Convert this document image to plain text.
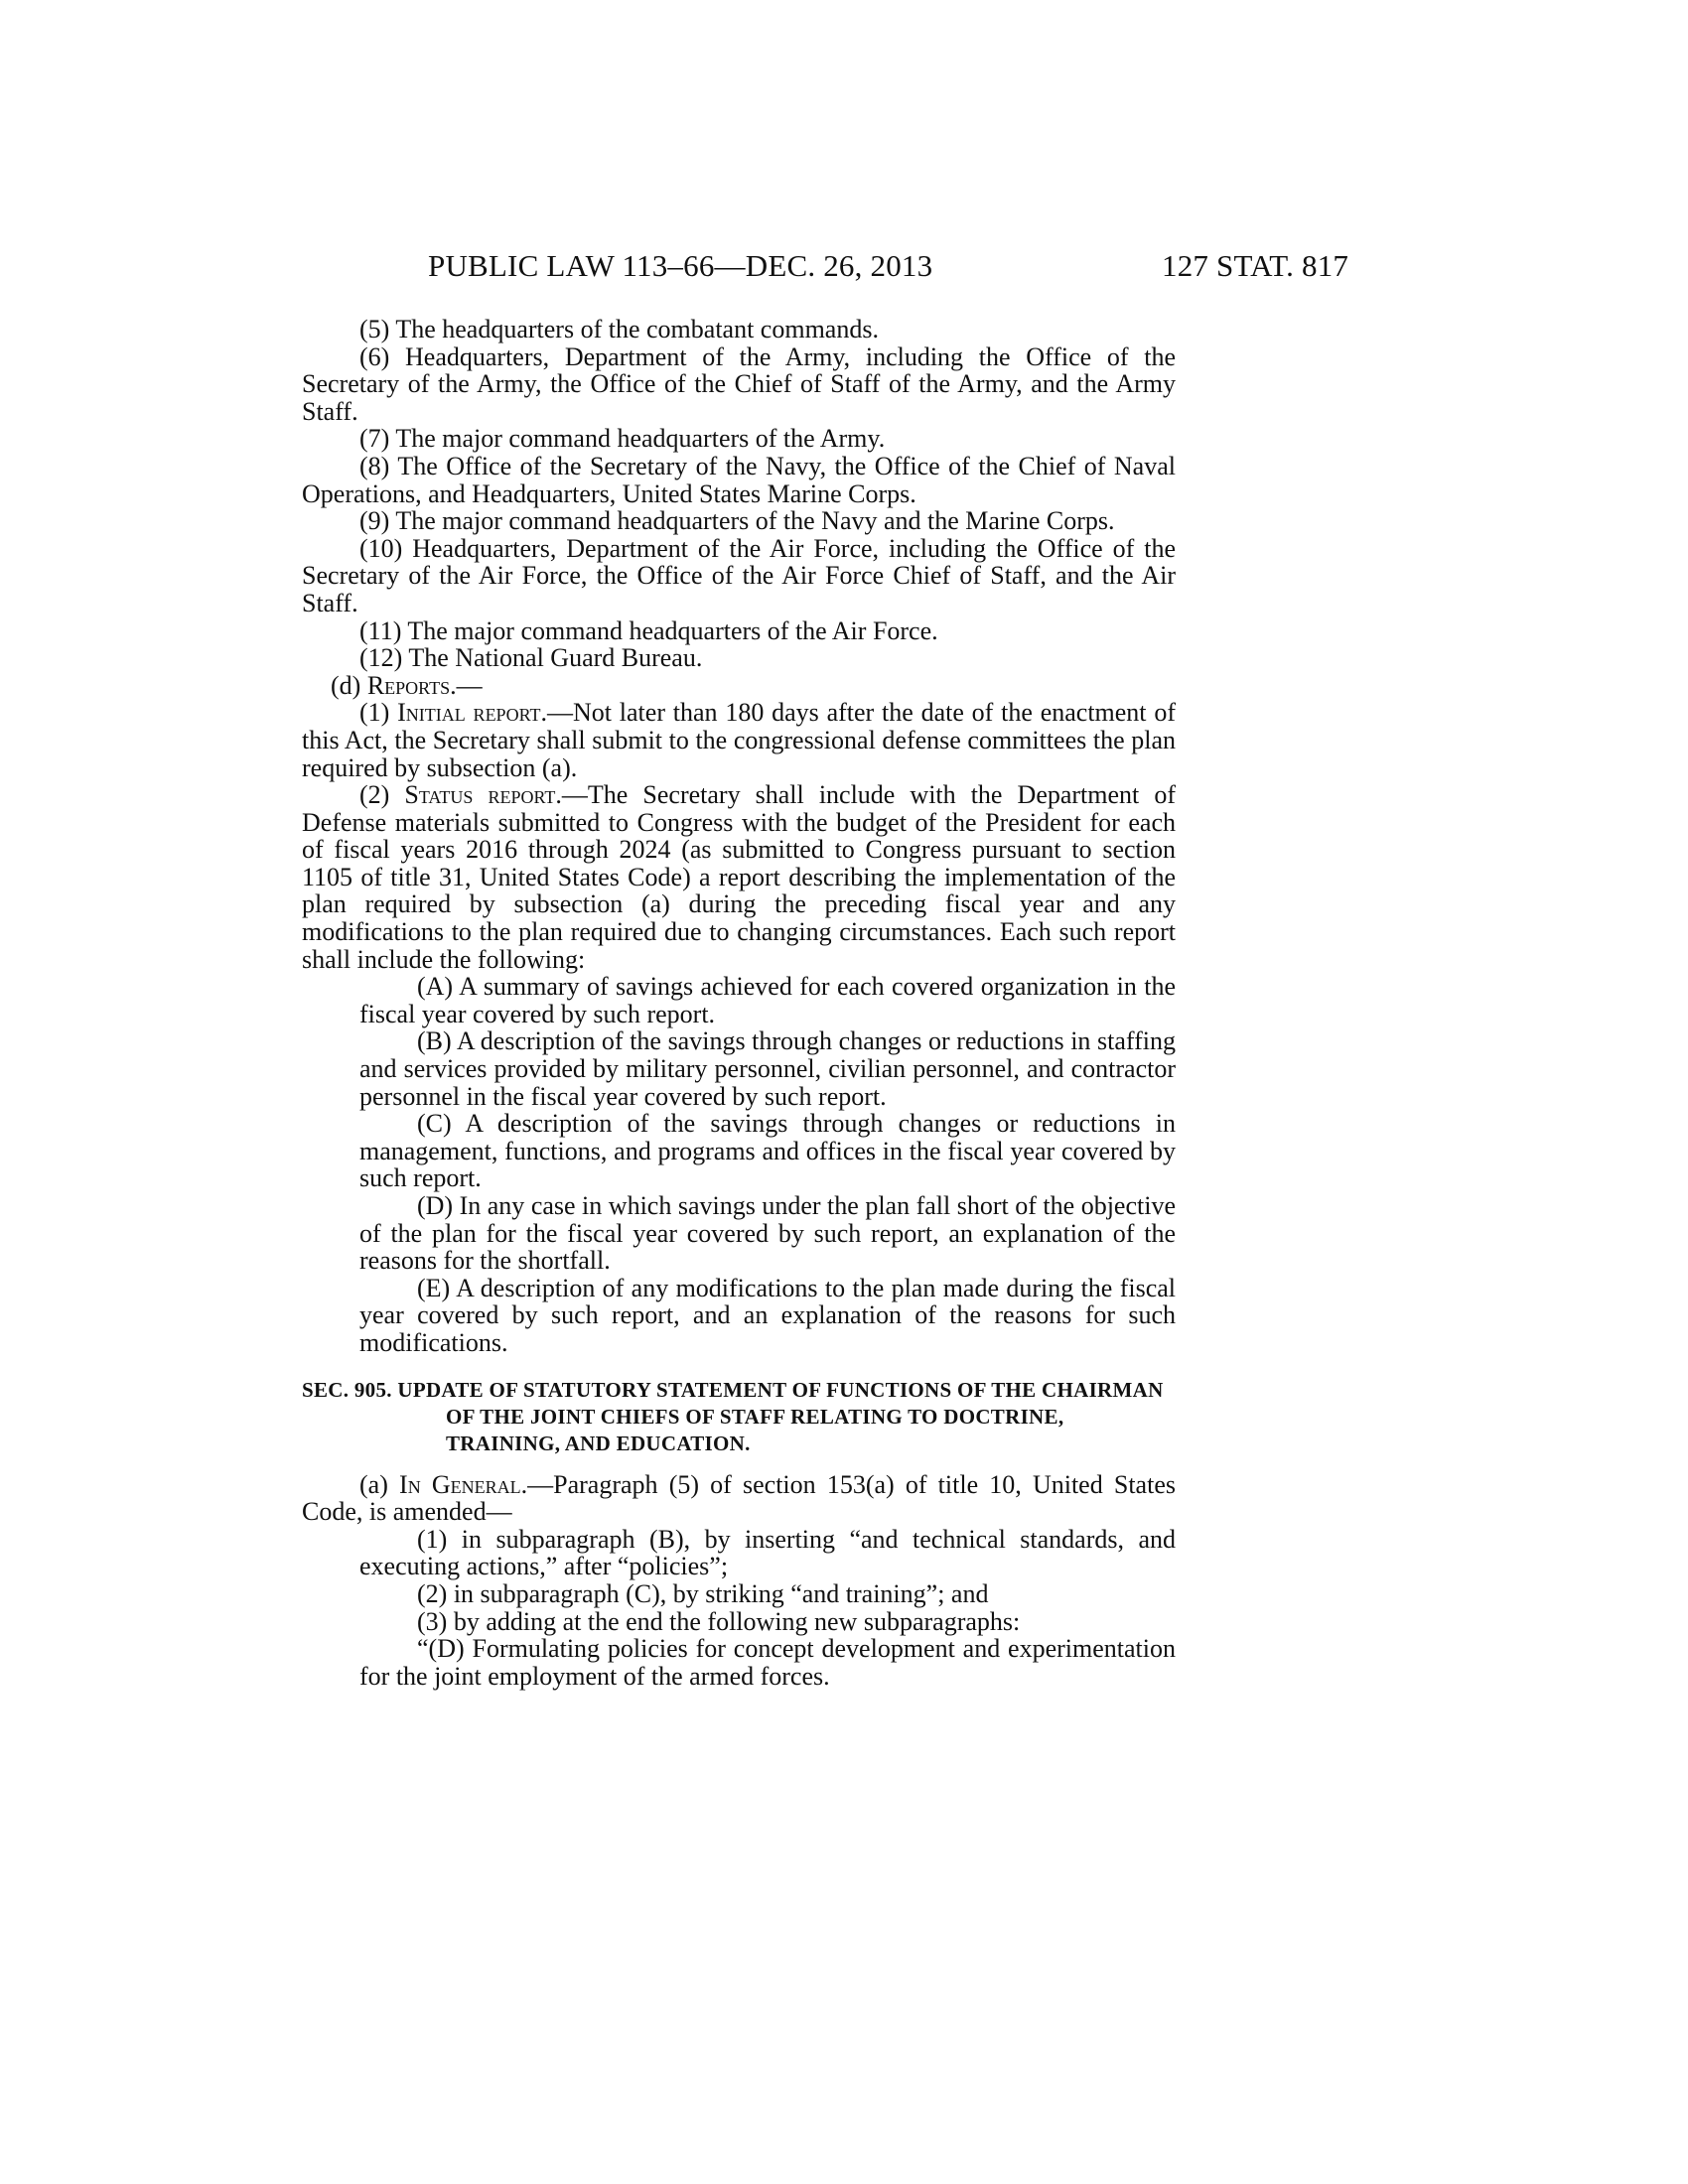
PUBLIC LAW 113–66—DEC. 26, 2013	127 STAT. 817

(5) The headquarters of the combatant commands.

(6) Headquarters, Department of the Army, including the Office of the Secretary of the Army, the Office of the Chief of Staff of the Army, and the Army Staff.

(7) The major command headquarters of the Army.

(8) The Office of the Secretary of the Navy, the Office of the Chief of Naval Operations, and Headquarters, United States Marine Corps.

(9) The major command headquarters of the Navy and the Marine Corps.

(10) Headquarters, Department of the Air Force, including the Office of the Secretary of the Air Force, the Office of the Air Force Chief of Staff, and the Air Staff.

(11) The major command headquarters of the Air Force.

(12) The National Guard Bureau.

(d) Reports.—

(1) Initial report.—Not later than 180 days after the date of the enactment of this Act, the Secretary shall submit to the congressional defense committees the plan required by subsection (a).

(2) Status report.—The Secretary shall include with the Department of Defense materials submitted to Congress with the budget of the President for each of fiscal years 2016 through 2024 (as submitted to Congress pursuant to section 1105 of title 31, United States Code) a report describing the implementation of the plan required by subsection (a) during the preceding fiscal year and any modifications to the plan required due to changing circumstances. Each such report shall include the following:

(A) A summary of savings achieved for each covered organization in the fiscal year covered by such report.

(B) A description of the savings through changes or reductions in staffing and services provided by military personnel, civilian personnel, and contractor personnel in the fiscal year covered by such report.

(C) A description of the savings through changes or reductions in management, functions, and programs and offices in the fiscal year covered by such report.

(D) In any case in which savings under the plan fall short of the objective of the plan for the fiscal year covered by such report, an explanation of the reasons for the shortfall.

(E) A description of any modifications to the plan made during the fiscal year covered by such report, and an explanation of the reasons for such modifications.

SEC. 905. UPDATE OF STATUTORY STATEMENT OF FUNCTIONS OF THE CHAIRMAN OF THE JOINT CHIEFS OF STAFF RELATING TO DOCTRINE, TRAINING, AND EDUCATION.

(a) In General.—Paragraph (5) of section 153(a) of title 10, United States Code, is amended—

(1) in subparagraph (B), by inserting “and technical standards, and executing actions,” after “policies”;

(2) in subparagraph (C), by striking “and training”; and

(3) by adding at the end the following new subparagraphs:

“(D) Formulating policies for concept development and experimentation for the joint employment of the armed forces.
